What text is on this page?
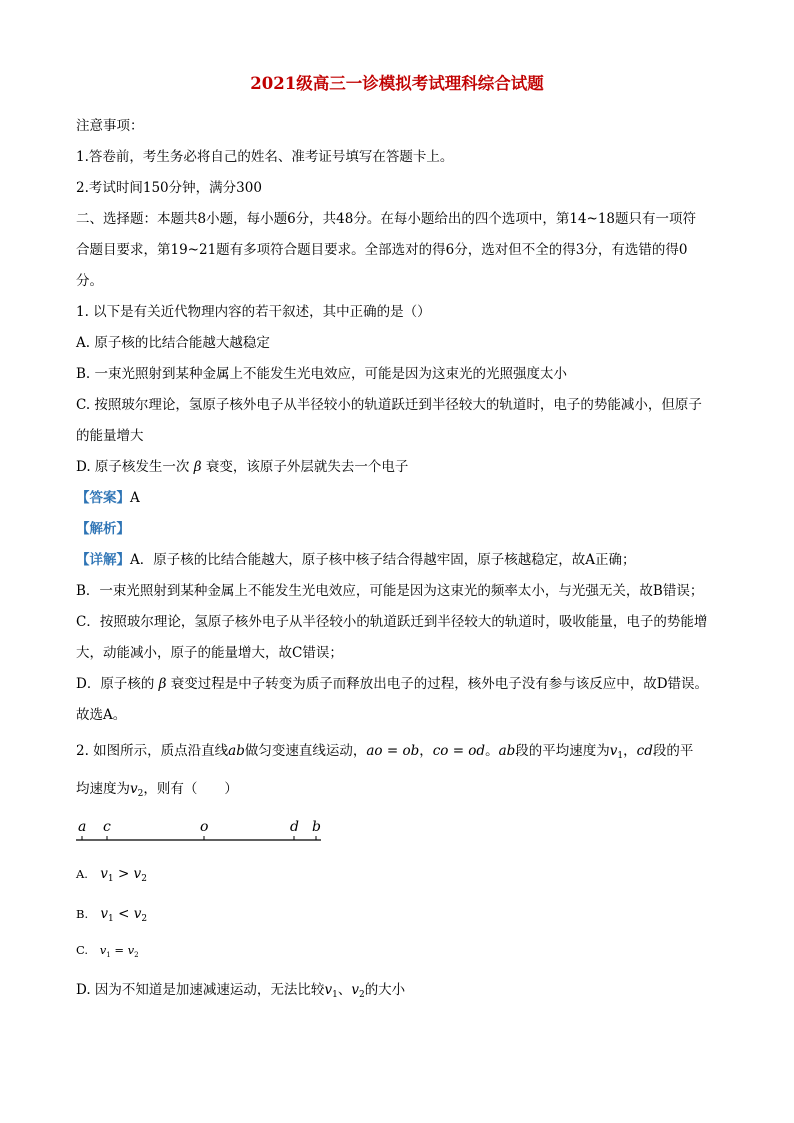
2021级高三一诊模拟考试理科综合试题
注意事项：
1.答卷前，考生务必将自己的姓名、准考证号填写在答题卡上。
2.考试时间150分钟，满分300
二、选择题：本题共8小题，每小题6分，共48分。在每小题给出的四个选项中，第14~18题只有一项符
合题目要求，第19~21题有多项符合题目要求。全部选对的得6分，选对但不全的得3分，有选错的得0
分。
1. 以下是有关近代物理内容的若干叙述，其中正确的是（）
A. 原子核的比结合能越大越稳定
B. 一束光照射到某种金属上不能发生光电效应，可能是因为这束光的光照强度太小
C. 按照玻尔理论，氢原子核外电子从半径较小的轨道跃迁到半径较大的轨道时，电子的势能减小，但原子
的能量增大
D. 原子核发生一次 β 衰变，该原子外层就失去一个电子
【答案】A
【解析】
【详解】A．原子核的比结合能越大，原子核中核子结合得越牢固，原子核越稳定，故A正确；
B．一束光照射到某种金属上不能发生光电效应，可能是因为这束光的频率太小，与光强无关，故B错误；
C．按照玻尔理论，氢原子核外电子从半径较小的轨道跃迁到半径较大的轨道时，吸收能量，电子的势能增
大，动能减小，原子的能量增大，故C错误；
D．原子核的 β 衰变过程是中子转变为质子而释放出电子的过程，核外电子没有参与该反应中，故D错误。
故选A。
2. 如图所示，质点沿直线ab做匀变速直线运动，ao = ob，co = od。ab段的平均速度为$v_1$，cd段的平
均速度为$v_2$，则有（　　）
a c	o	d b
A. $v_1 > v_2$
B. $v_1 < v_2$
C. $v_1 = v_2$
D. 因为不知道是加速减速运动，无法比较$v_1$、$v_2$的大小
